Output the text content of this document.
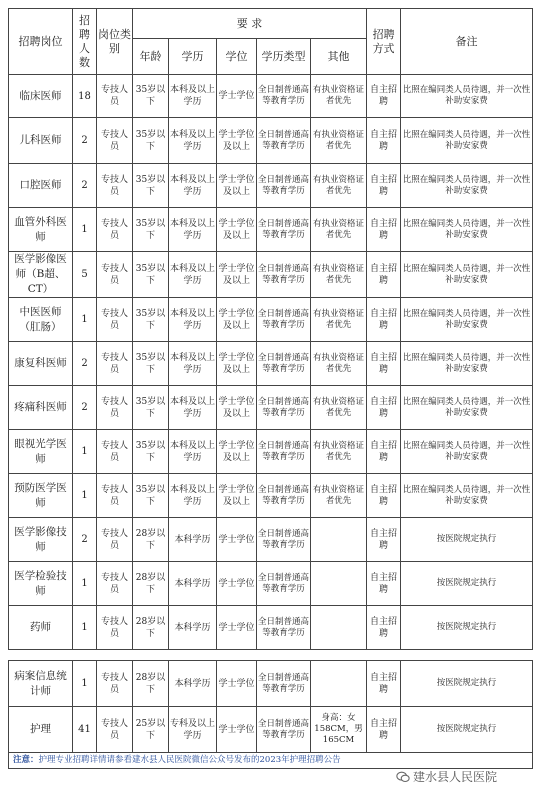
招聘岗位	招聘人数	岗位类别	要 求					招聘方式	备注
			年龄	学历	学位	学历类型	其他		
临床医师	18	专技人员	35岁以下	本科及以上学历	学士学位	全日制普通高等教育学历	有执业资格证者优先	自主招聘	比照在编同类人员待遇，并一次性补助安家费
儿科医师	2	专技人员	35岁以下	本科及以上学历	学士学位及以上	全日制普通高等教育学历	有执业资格证者优先	自主招聘	比照在编同类人员待遇，并一次性补助安家费
口腔医师	2	专技人员	35岁以下	本科及以上学历	学士学位及以上	全日制普通高等教育学历	有执业资格证者优先	自主招聘	比照在编同类人员待遇，并一次性补助安家费
血管外科医师	1	专技人员	35岁以下	本科及以上学历	学士学位及以上	全日制普通高等教育学历	有执业资格证者优先	自主招聘	比照在编同类人员待遇，并一次性补助安家费
医学影像医师（B超、CT）	5	专技人员	35岁以下	本科及以上学历	学士学位及以上	全日制普通高等教育学历	有执业资格证者优先	自主招聘	比照在编同类人员待遇，并一次性补助安家费
中医医师（肛肠）	1	专技人员	35岁以下	本科及以上学历	学士学位及以上	全日制普通高等教育学历	有执业资格证者优先	自主招聘	比照在编同类人员待遇，并一次性补助安家费
康复科医师	2	专技人员	35岁以下	本科及以上学历	学士学位及以上	全日制普通高等教育学历	有执业资格证者优先	自主招聘	比照在编同类人员待遇，并一次性补助安家费
疼痛科医师	2	专技人员	35岁以下	本科及以上学历	学士学位及以上	全日制普通高等教育学历	有执业资格证者优先	自主招聘	比照在编同类人员待遇，并一次性补助安家费
眼视光学医师	1	专技人员	35岁以下	本科及以上学历	学士学位及以上	全日制普通高等教育学历	有执业资格证者优先	自主招聘	比照在编同类人员待遇，并一次性补助安家费
预防医学医师	1	专技人员	35岁以下	本科及以上学历	学士学位及以上	全日制普通高等教育学历	有执业资格证者优先	自主招聘	比照在编同类人员待遇，并一次性补助安家费
医学影像技师	2	专技人员	28岁以下	本科学历	学士学位	全日制普通高等教育学历		自主招聘	按医院规定执行
医学检验技师	1	专技人员	28岁以下	本科学历	学士学位	全日制普通高等教育学历		自主招聘	按医院规定执行
药师	1	专技人员	28岁以下	本科学历	学士学位	全日制普通高等教育学历		自主招聘	按医院规定执行
病案信息统计师	1	专技人员	28岁以下	本科学历	学士学位	全日制普通高等教育学历		自主招聘	按医院规定执行
护理	41	专技人员	25岁以下	专科及以上学历	学士学位	全日制普通高等教育学历	身高：女158CM，男165CM	自主招聘	按医院规定执行
注意：护理专业招聘详情请参看建水县人民医院微信公众号发布的2023年护理招聘公告									
建水县人民医院
